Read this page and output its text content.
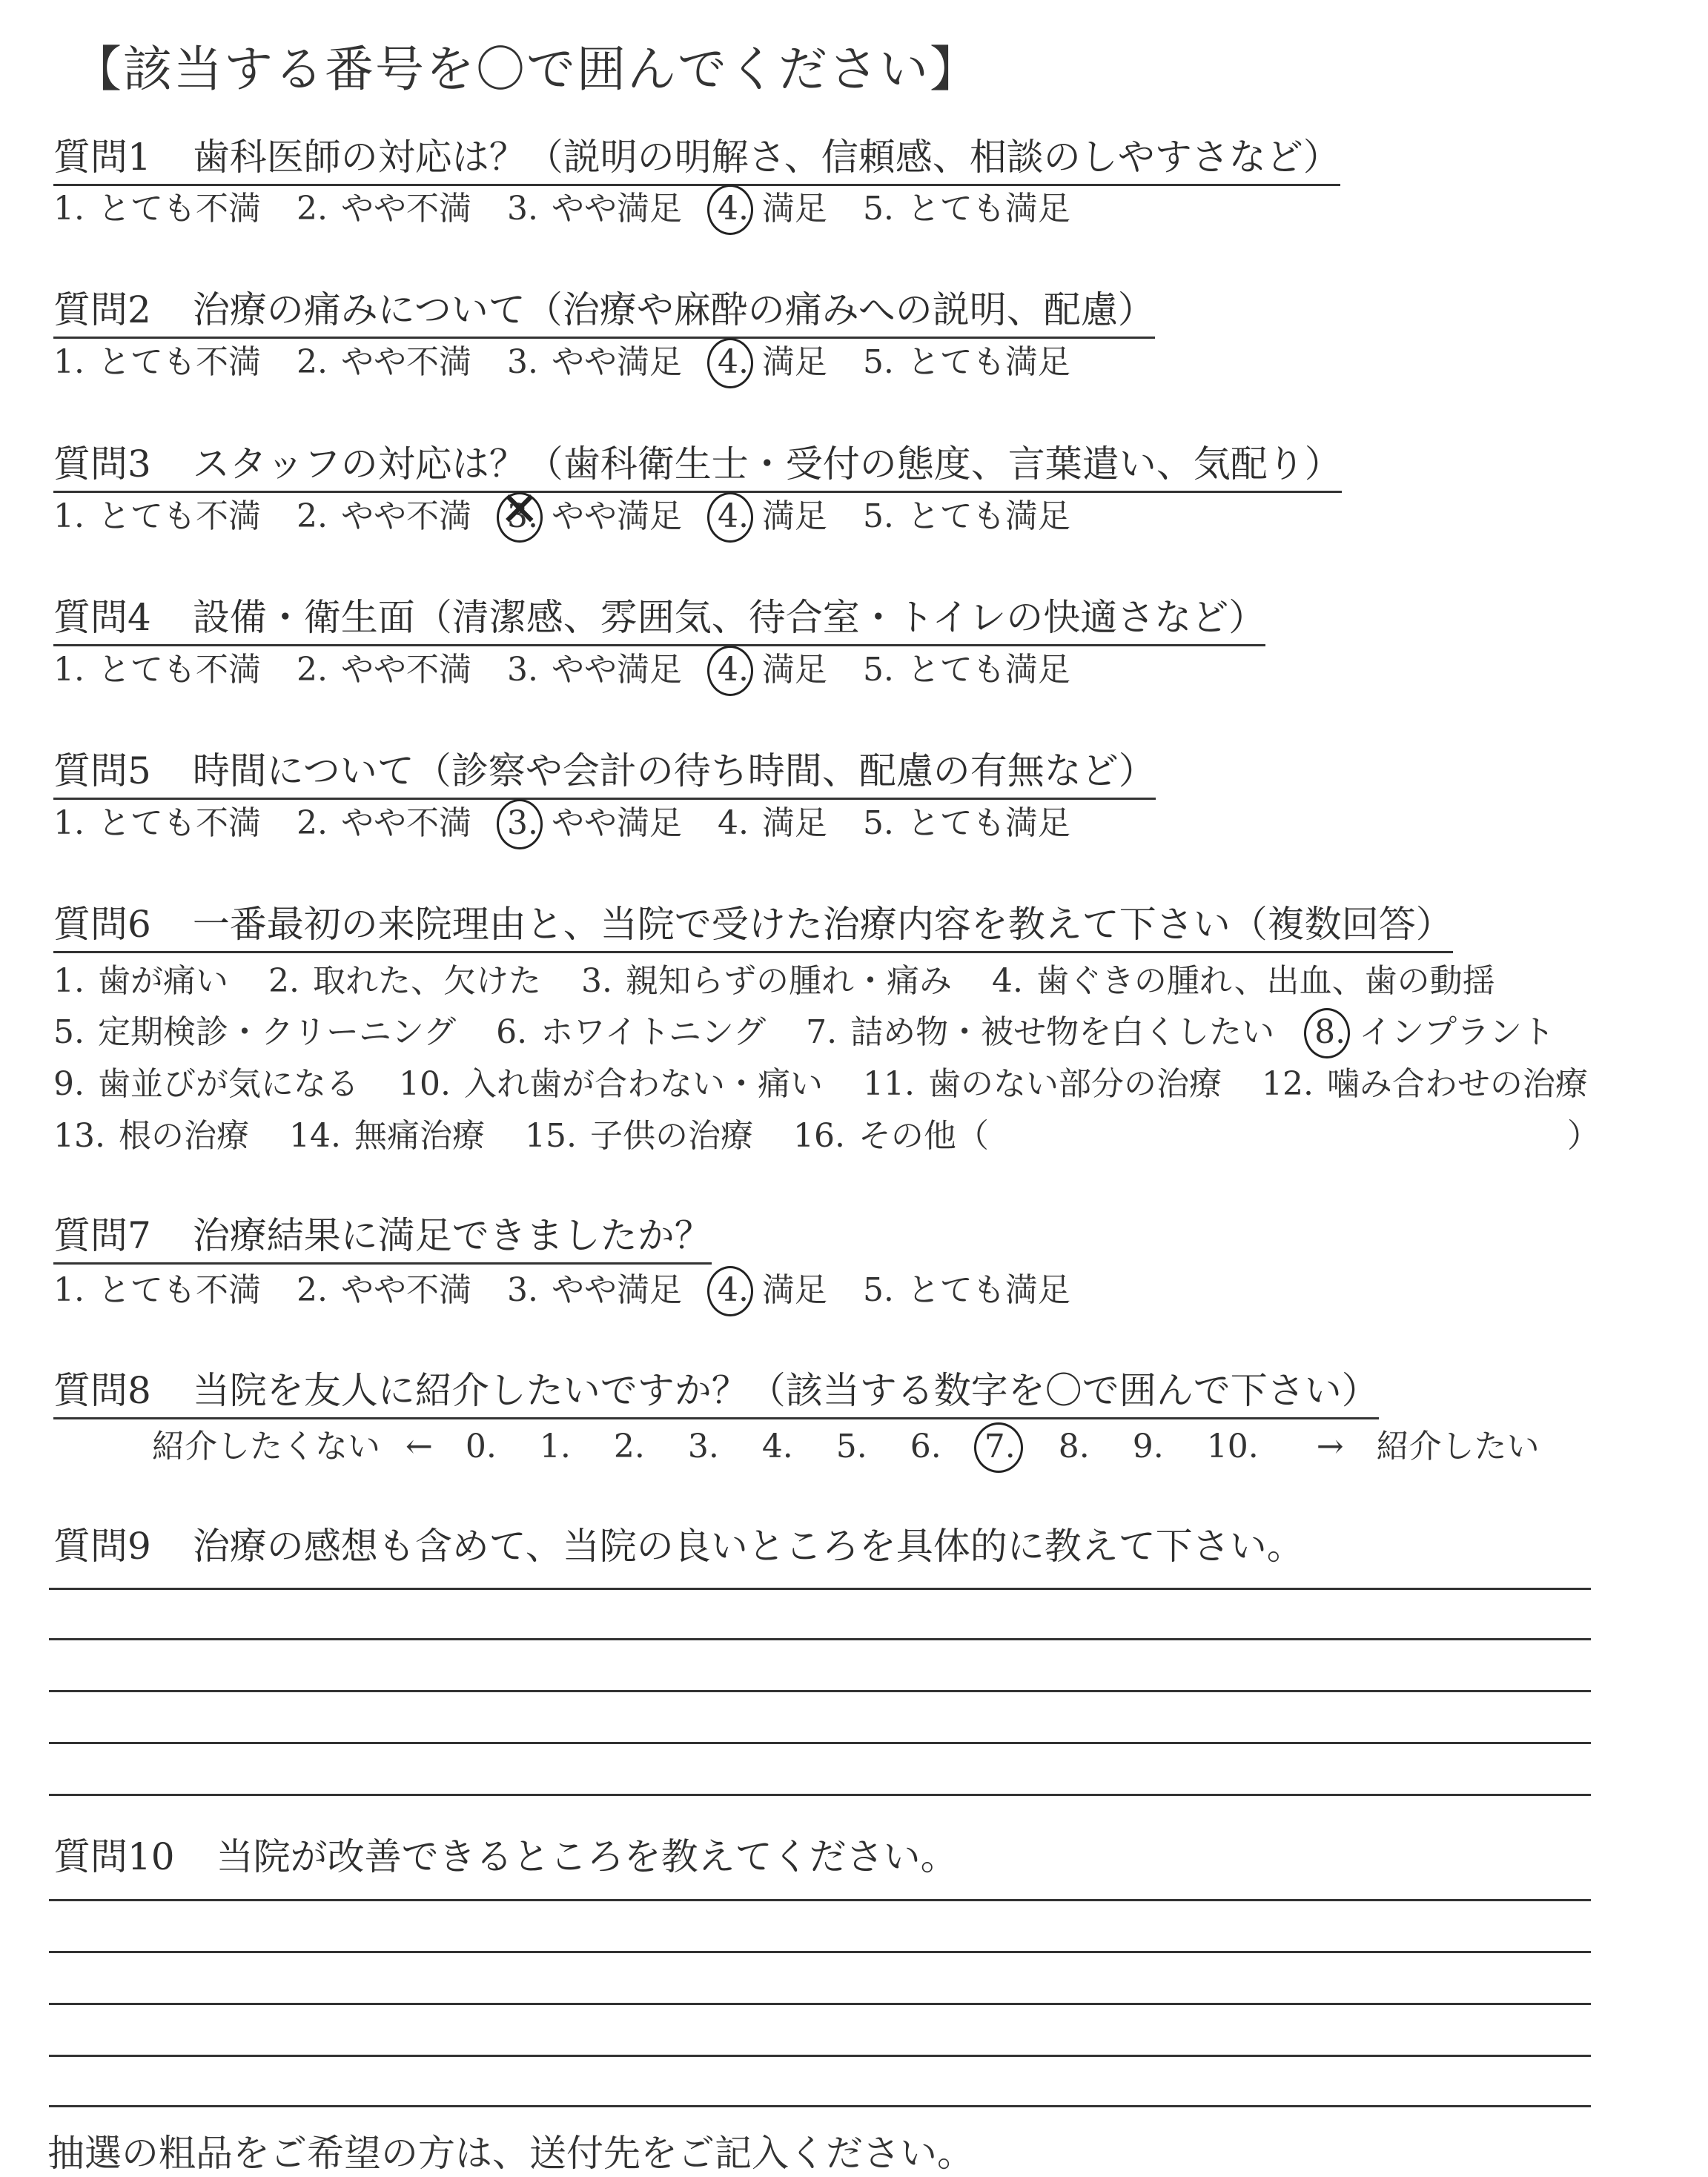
【該当する番号を〇で囲んでください】
質問1 歯科医師の対応は？（説明の明解さ、信頼感、相談のしやすさなど）
1. とても不満 2. やや不満 3. やや満足 4. 満足 5. とても満足
質問2 治療の痛みについて（治療や麻酔の痛みへの説明、配慮）
1. とても不満 2. やや不満 3. やや満足 4. 満足 5. とても満足
質問3 スタッフの対応は？（歯科衛生士・受付の態度、言葉遣い、気配り）
1. とても不満 2. やや不満 ✕ 3. やや満足 4. 満足 5. とても満足
質問4 設備・衛生面（清潔感、雰囲気、待合室・トイレの快適さなど）
1. とても不満 2. やや不満 3. やや満足 4. 満足 5. とても満足
質問5 時間について（診察や会計の待ち時間、配慮の有無など）
1. とても不満 2. やや不満 3. やや満足 4. 満足 5. とても満足
質問6 一番最初の来院理由と、当院で受けた治療内容を教えて下さい（複数回答）
1. 歯が痛い 2. 取れた、欠けた 3. 親知らずの腫れ・痛み 4. 歯ぐきの腫れ、出血、歯の動揺
5. 定期検診・クリーニング 6. ホワイトニング 7. 詰め物・被せ物を白くしたい 8. インプラント
9. 歯並びが気になる 10. 入れ歯が合わない・痛い 11. 歯のない部分の治療 12. 噛み合わせの治療
13. 根の治療 14. 無痛治療 15. 子供の治療 16. その他（	）
質問7 治療結果に満足できましたか？
1. とても不満 2. やや不満 3. やや満足 4. 満足 5. とても満足
質問8 当院を友人に紹介したいですか？（該当する数字を〇で囲んで下さい）
紹介したくない ← 0. 1. 2. 3. 4. 5. 6. 7. 8. 9. 10. → 紹介したい
質問9 治療の感想も含めて、当院の良いところを具体的に教えて下さい。
質問10 当院が改善できるところを教えてください。
抽選の粗品をご希望の方は、送付先をご記入ください。
